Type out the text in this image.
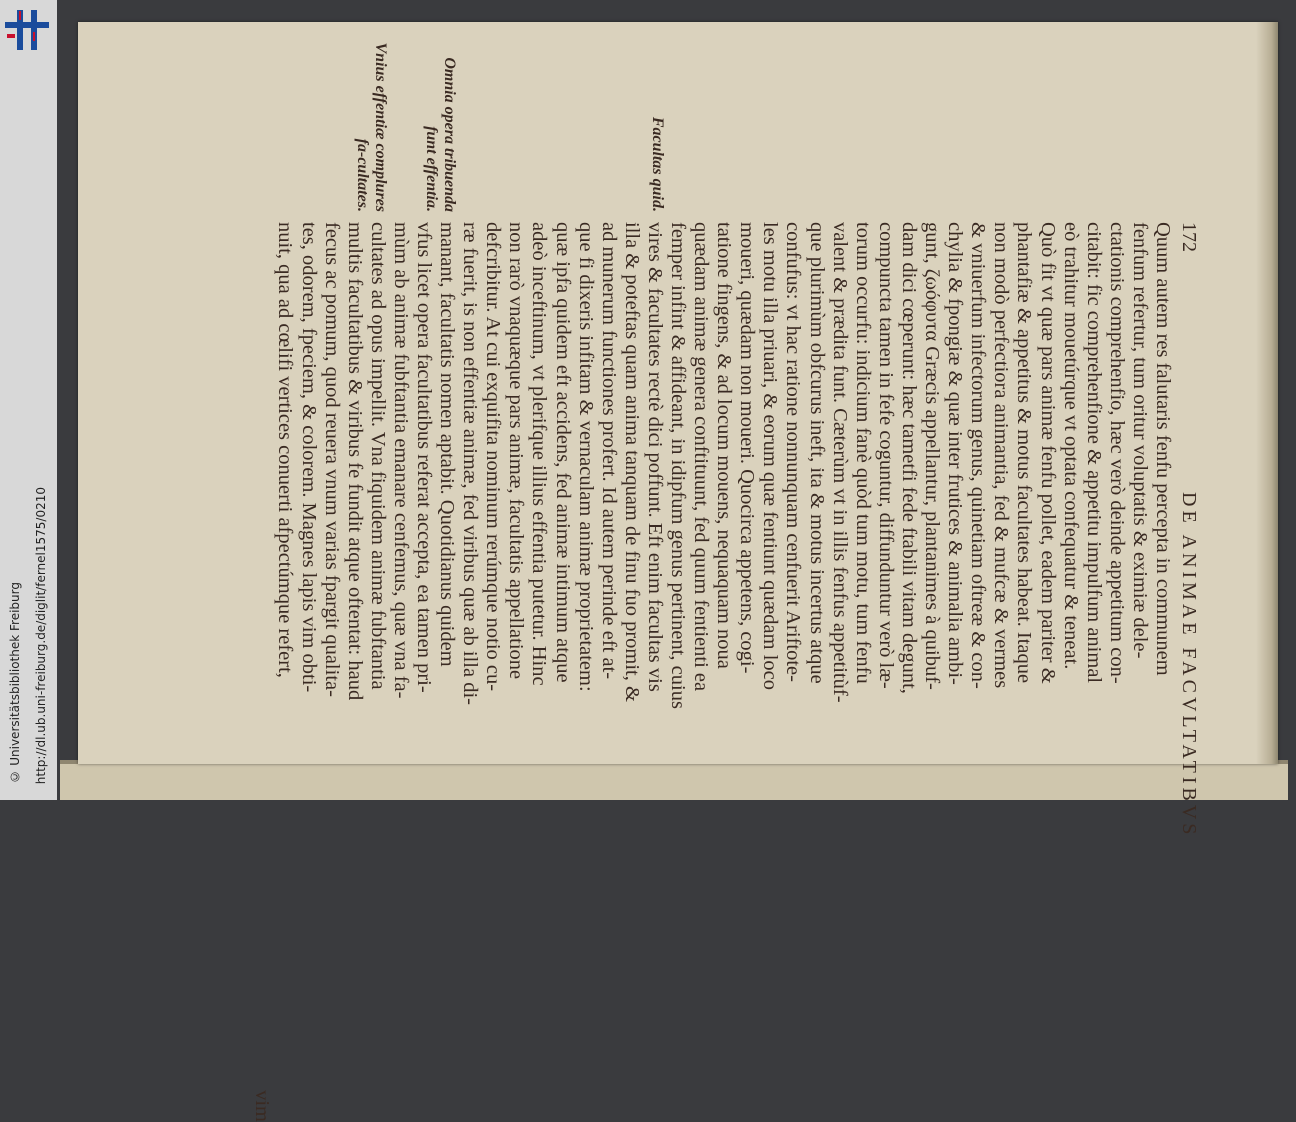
http://dl.ub.uni-freiburg.de/diglit/fernel1575/0210
© Universitätsbibliothek Freiburg
172
DE ANIMAE FACVLTATIBVS
Quum autem res falutaris fenfu percepta in communem
fenfum refertur, tum oritur voluptatis & eximiæ dele-
ctationis comprehenfio, hæc verò deinde appetitum con-
citabit: fic comprehenfione & appetitu impulfum animal
eò trahitur mouetúrque vt optata confequatur & teneat.
Quò fit vt quæ pars animæ fenfu pollet, eadem pariter &
phantafiæ & appetitus & motus facultates habeat. Itaque
non modò perfectiora animantia, fed & mufcæ & vermes
& vniuerfum infectorum genus, quinetiam oftreæ & con-
chylia & fpongiæ & quæ inter frutices & animalia ambi-
gunt, ζωόφυτα Græcis appellantur, plantanimes à quibuf-
dam dici cœperunt: hæc tametfi fede ftabili vitam degunt,
compuncta tamen in fefe coguntur, diffunduntur verò læ-
torum occurfu: indicium fanè quòd tum motu, tum fenfu
valent & prædita funt. Cæterùm vt in illis fenfus appetitùf-
que plurimùm obfcurus ineft, ita & motus incertus atque
confufus: vt hac ratione nonnunquam cenfuerit Ariftote-
les motu illa priuari, & eorum quæ fentiunt quædam loco
moueri, quædam non moueri. Quocirca appetens, cogi-
tatione fingens, & ad locum mouens, nequaquam noua
quædam animæ genera conftituunt, fed quum fentienti ea
femper infint & affideant, in idipfum genus pertinent, cuius
vires & facultates rectè dici poffunt. Eft enim facultas vis
illa & poteftas quam anima tanquam de finu fuo promit, &
ad munerum functiones profert. Id autem perinde eft at-
que fi dixeris infitam & vernaculam animæ proprietatem:
quæ ipfa quidem eft accidens, fed animæ intimum atque
adeò inceftinum, vt plerifque illius effentia putetur. Hinc
non rarò vnaquæque pars animæ, facultatis appellatione
defcribitur. At cui exquifita nominum rerúmque notio cu-
ræ fuerit, is non effentiæ animæ, fed viribus quæ ab illa di-
manant, facultatis nomen aptabit. Quotidianus quidem
vfus licet opera facultatibus referat accepta, ea tamen pri-
mùm ab animæ fubftantia emanare cenfemus, quæ vna fa-
cultates ad opus impellit. Vna fiquidem animæ fubftantia
multis facultatibus & viribus fe fundit atque oftentat: haud
fecus ac pomum, quod reuera vnum varias fpargit qualita-
tes, odorem, fpeciem, & colorem. Magnes lapis vim obti-
nuit, qua ad cœlifi vertices conuerti afpectúmque refert,
vim
Facultas quid.
Omnia opera tribuenda funt effentia.
Vnius effentiæ complures fa-cultates.
